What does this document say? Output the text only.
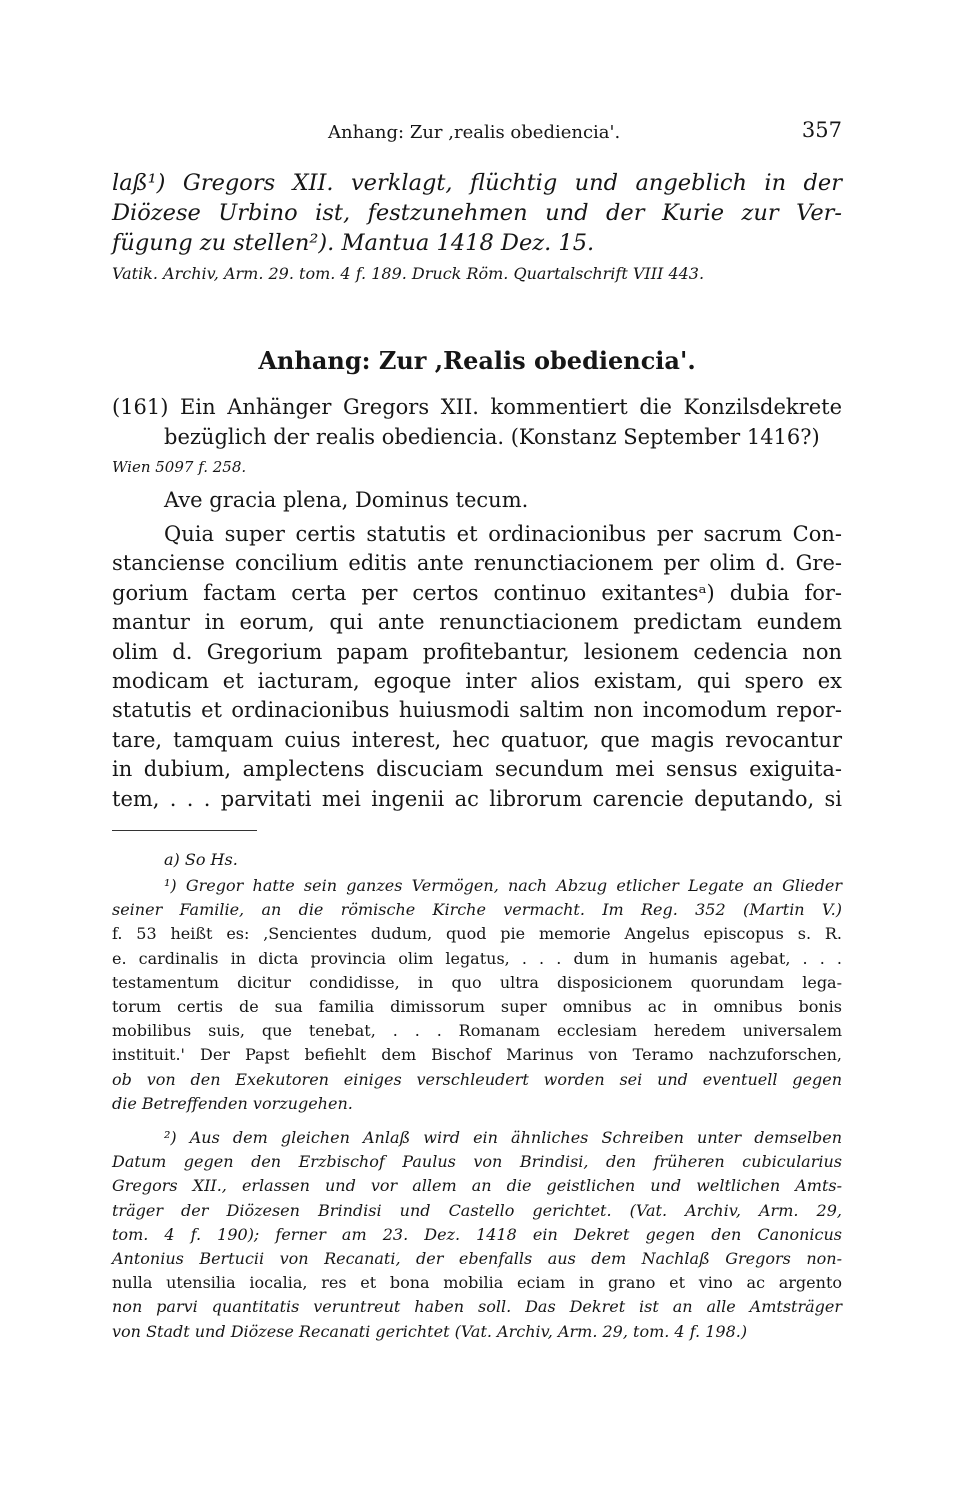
Anhang: Zur ,realis obediencia'.	357
laß¹) Gregors XII. verklagt, flüchtig und angeblich in der
Diözese Urbino ist, festzunehmen und der Kurie zur Ver-
fügung zu stellen²). Mantua 1418 Dez. 15.
Vatik. Archiv, Arm. 29. tom. 4 f. 189. Druck Röm. Quartalschrift VIII 443.
Anhang: Zur ,Realis obediencia'.
(161) Ein Anhänger Gregors XII. kommentiert die Konzilsdekrete
bezüglich der realis obediencia. (Konstanz September 1416?)
Wien 5097 f. 258.
Ave gracia plena, Dominus tecum.
Quia super certis statutis et ordinacionibus per sacrum Con-
stanciense concilium editis ante renunctiacionem per olim d. Gre-
gorium factam certa per certos continuo exitantesᵃ) dubia for-
mantur in eorum, qui ante renunctiacionem predictam eundem
olim d. Gregorium papam profitebantur, lesionem cedencia non
modicam et iacturam, egoque inter alios existam, qui spero ex
statutis et ordinacionibus huiusmodi saltim non incomodum repor-
tare, tamquam cuius interest, hec quatuor, que magis revocantur
in dubium, amplectens discuciam secundum mei sensus exiguita-
tem, . . . parvitati mei ingenii ac librorum carencie deputando, si
a) So Hs.
¹) Gregor hatte sein ganzes Vermögen, nach Abzug etlicher Legate an Glieder
seiner Familie, an die römische Kirche vermacht. Im Reg. 352 (Martin V.)
f. 53 heißt es: ,Sencientes dudum, quod pie memorie Angelus episcopus s. R.
e. cardinalis in dicta provincia olim legatus, . . . dum in humanis agebat, . . .
testamentum dicitur condidisse, in quo ultra disposicionem quorundam lega-
torum certis de sua familia dimissorum super omnibus ac in omnibus bonis
mobilibus suis, que tenebat, . . . Romanam ecclesiam heredem universalem
instituit.' Der Papst befiehlt dem Bischof Marinus von Teramo nachzuforschen,
ob von den Exekutoren einiges verschleudert worden sei und eventuell gegen
die Betreffenden vorzugehen.
²) Aus dem gleichen Anlaß wird ein ähnliches Schreiben unter demselben
Datum gegen den Erzbischof Paulus von Brindisi, den früheren cubicularius
Gregors XII., erlassen und vor allem an die geistlichen und weltlichen Amts-
träger der Diözesen Brindisi und Castello gerichtet. (Vat. Archiv, Arm. 29,
tom. 4 f. 190); ferner am 23. Dez. 1418 ein Dekret gegen den Canonicus
Antonius Bertucii von Recanati, der ebenfalls aus dem Nachlaß Gregors non-
nulla utensilia iocalia, res et bona mobilia eciam in grano et vino ac argento
non parvi quantitatis veruntreut haben soll. Das Dekret ist an alle Amtsträger
von Stadt und Diözese Recanati gerichtet (Vat. Archiv, Arm. 29, tom. 4 f. 198.)
